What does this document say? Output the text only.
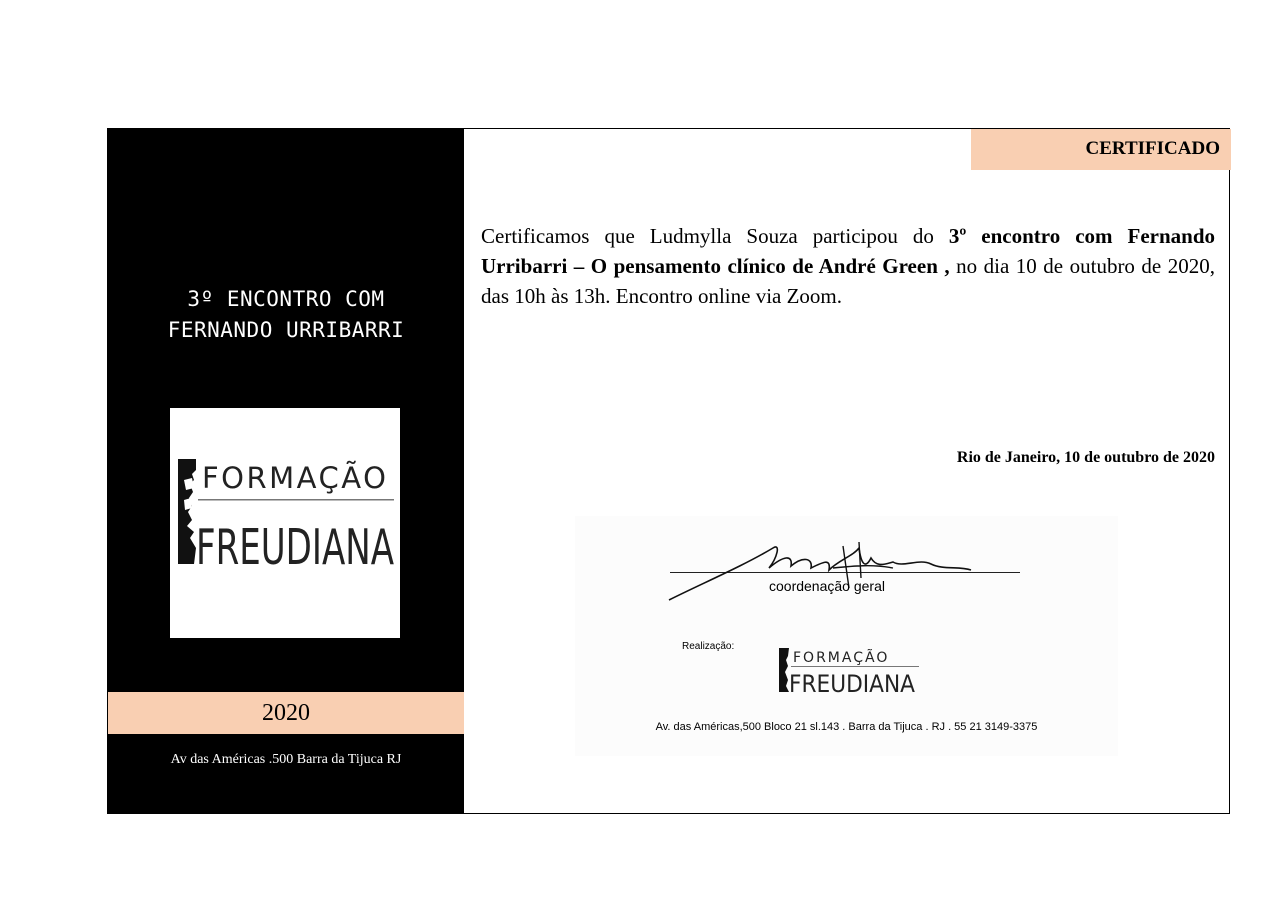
3º ENCONTRO COM
FERNANDO URRIBARRI
FORMAÇÃO
FREUDIANA
2020
Av das Américas .500 Barra da Tijuca RJ
CERTIFICADO
Certificamos que Ludmylla Souza participou do 3º encontro com Fernando Urribarri – O pensamento clínico de André Green , no dia 10 de outubro de 2020, das 10h às 13h. Encontro online via Zoom.
Rio de Janeiro, 10 de outubro de 2020
coordenação geral
Realização:
FORMAÇÃO
FREUDIANA
Av. das Américas,500 Bloco 21 sl.143 . Barra da Tijuca . RJ . 55 21 3149-3375
